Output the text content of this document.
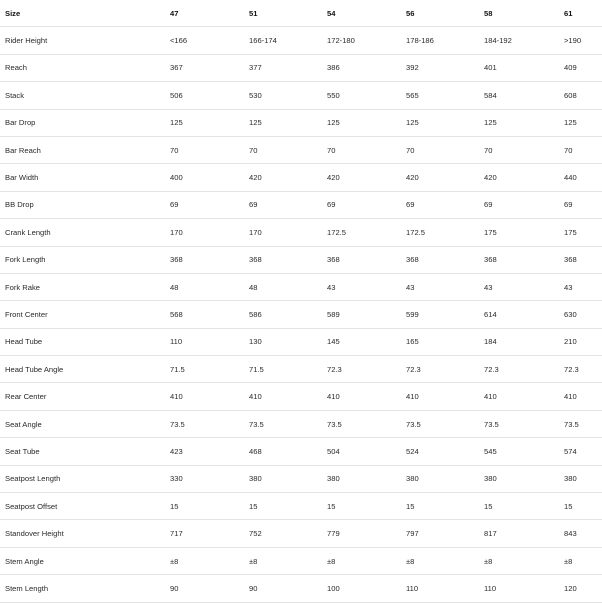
Size	47	51	54	56	58	61
Rider Height	<166	166-174	172-180	178-186	184-192	>190
Reach	367	377	386	392	401	409
Stack	506	530	550	565	584	608
Bar Drop	125	125	125	125	125	125
Bar Reach	70	70	70	70	70	70
Bar Width	400	420	420	420	420	440
BB Drop	69	69	69	69	69	69
Crank Length	170	170	172.5	172.5	175	175
Fork Length	368	368	368	368	368	368
Fork Rake	48	48	43	43	43	43
Front Center	568	586	589	599	614	630
Head Tube	110	130	145	165	184	210
Head Tube Angle	71.5	71.5	72.3	72.3	72.3	72.3
Rear Center	410	410	410	410	410	410
Seat Angle	73.5	73.5	73.5	73.5	73.5	73.5
Seat Tube	423	468	504	524	545	574
Seatpost Length	330	380	380	380	380	380
Seatpost Offset	15	15	15	15	15	15
Standover Height	717	752	779	797	817	843
Stem Angle	±8	±8	±8	±8	±8	±8
Stem Length	90	90	100	110	110	120
